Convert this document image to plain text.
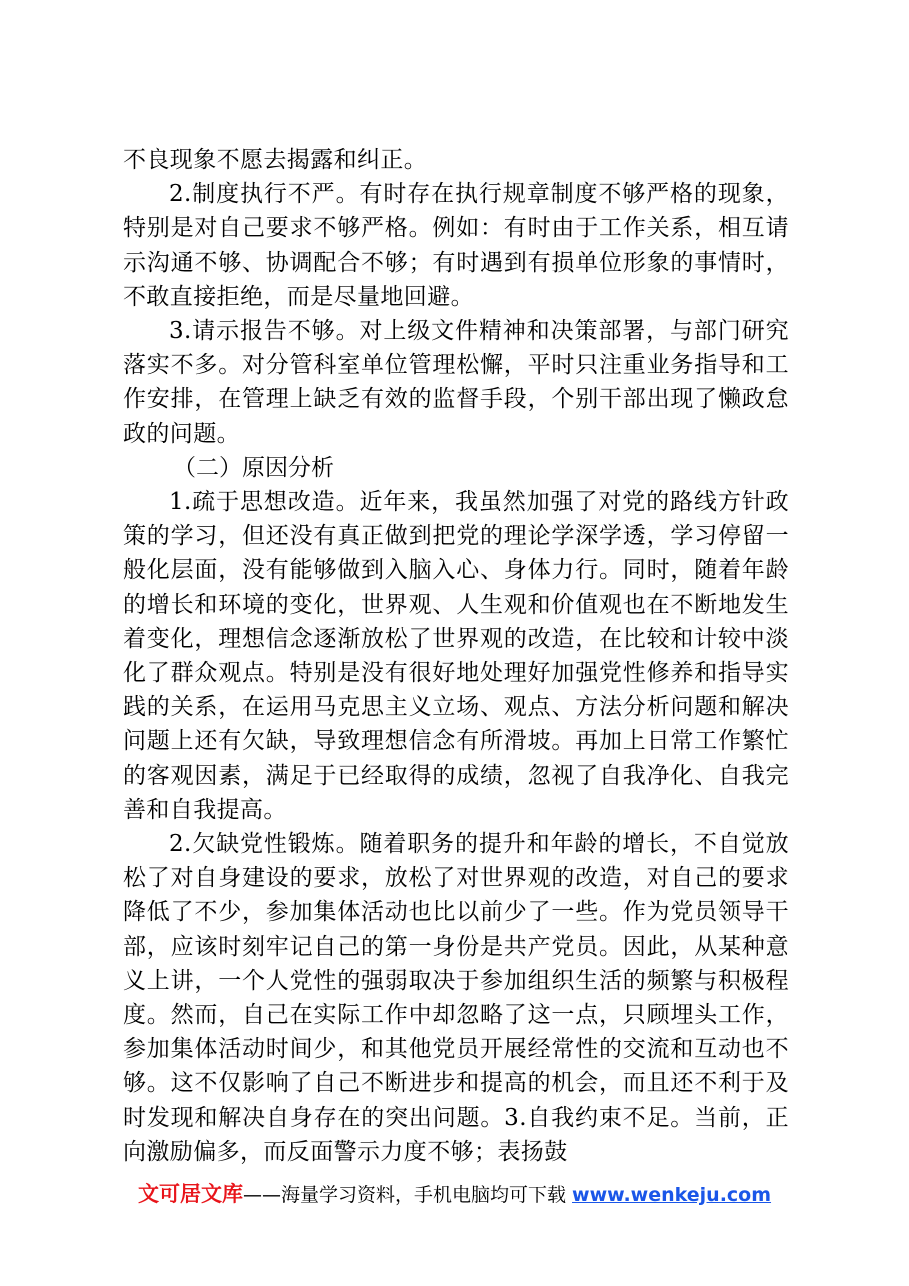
不良现象不愿去揭露和纠正。

2.制度执行不严。有时存在执行规章制度不够严格的现象，特别是对自己要求不够严格。例如：有时由于工作关系，相互请示沟通不够、协调配合不够；有时遇到有损单位形象的事情时，不敢直接拒绝，而是尽量地回避。

3.请示报告不够。对上级文件精神和决策部署，与部门研究落实不多。对分管科室单位管理松懈，平时只注重业务指导和工作安排，在管理上缺乏有效的监督手段，个别干部出现了懒政怠政的问题。

（二）原因分析

1.疏于思想改造。近年来，我虽然加强了对党的路线方针政策的学习，但还没有真正做到把党的理论学深学透，学习停留一般化层面，没有能够做到入脑入心、身体力行。同时，随着年龄的增长和环境的变化，世界观、人生观和价值观也在不断地发生着变化，理想信念逐渐放松了世界观的改造，在比较和计较中淡化了群众观点。特别是没有很好地处理好加强党性修养和指导实践的关系，在运用马克思主义立场、观点、方法分析问题和解决问题上还有欠缺，导致理想信念有所滑坡。再加上日常工作繁忙的客观因素，满足于已经取得的成绩，忽视了自我净化、自我完善和自我提高。

2.欠缺党性锻炼。随着职务的提升和年龄的增长，不自觉放松了对自身建设的要求，放松了对世界观的改造，对自己的要求降低了不少，参加集体活动也比以前少了一些。作为党员领导干部，应该时刻牢记自己的第一身份是共产党员。因此，从某种意义上讲，一个人党性的强弱取决于参加组织生活的频繁与积极程度。然而，自己在实际工作中却忽略了这一点，只顾埋头工作，参加集体活动时间少，和其他党员开展经常性的交流和互动也不够。这不仅影响了自己不断进步和提高的机会，而且还不利于及时发现和解决自身存在的突出问题。3.自我约束不足。当前，正向激励偏多，而反面警示力度不够；表扬鼓

文可居文库——海量学习资料，手机电脑均可下载 www.wenkeju.com
